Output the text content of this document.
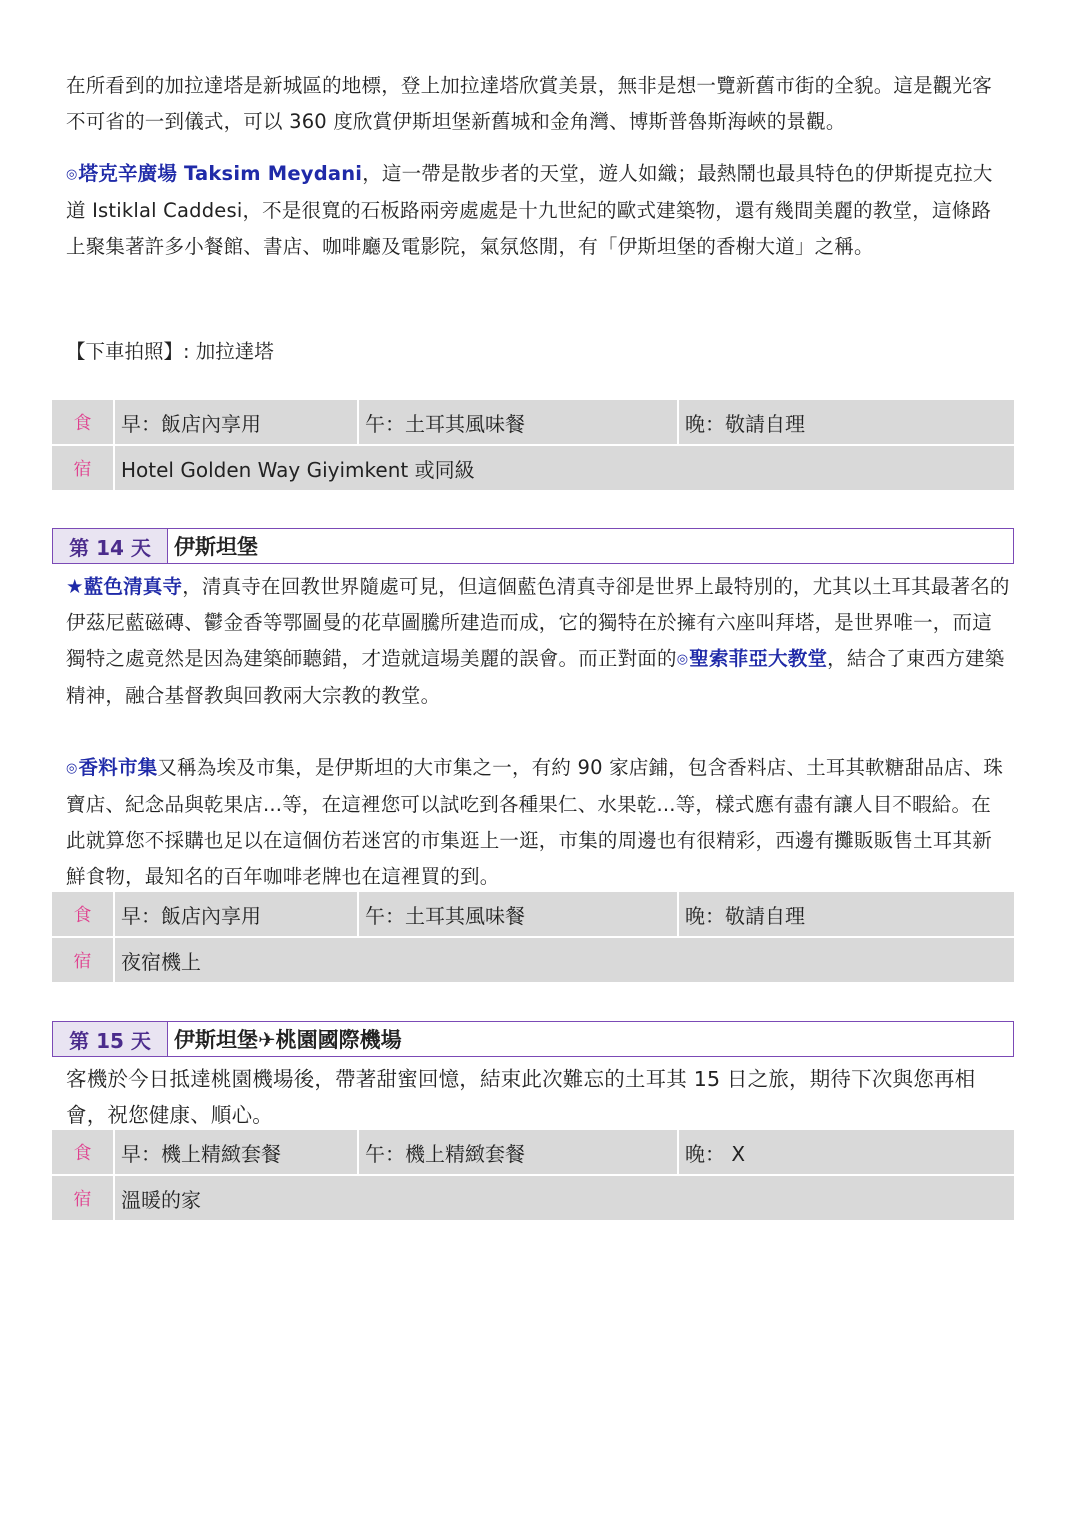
在所看到的加拉達塔是新城區的地標，登上加拉達塔欣賞美景，無非是想一覽新舊市街的全貌。這是觀光客不可省的一到儀式，可以 360 度欣賞伊斯坦堡新舊城和金角灣、博斯普魯斯海峽的景觀。

◎塔克辛廣場 Taksim Meydani，這一帶是散步者的天堂，遊人如織；最熱鬧也最具特色的伊斯提克拉大道 Istiklal Caddesi，不是很寬的石板路兩旁處處是十九世紀的歐式建築物，還有幾間美麗的教堂，這條路上聚集著許多小餐館、書店、咖啡廳及電影院，氣氛悠閒，有「伊斯坦堡的香榭大道」之稱。

【下車拍照】: 加拉達塔

食	早：飯店內享用	午：土耳其風味餐	晚：敬請自理
宿	Hotel Golden Way Giyimkent 或同級		
第 14 天	伊斯坦堡

★藍色清真寺，清真寺在回教世界隨處可見，但這個藍色清真寺卻是世界上最特別的，尤其以土耳其最著名的伊茲尼藍磁磚、鬱金香等鄂圖曼的花草圖騰所建造而成，它的獨特在於擁有六座叫拜塔，是世界唯一，而這獨特之處竟然是因為建築師聽錯，才造就這場美麗的誤會。而正對面的◎聖索菲亞大教堂，結合了東西方建築精神，融合基督教與回教兩大宗教的教堂。

◎香料市集又稱為埃及市集，是伊斯坦的大市集之一，有約 90 家店鋪，包含香料店、土耳其軟糖甜品店、珠寶店、紀念品與乾果店...等，在這裡您可以試吃到各種果仁、水果乾...等，樣式應有盡有讓人目不暇給。在此就算您不採購也足以在這個仿若迷宮的市集逛上一逛，市集的周邊也有很精彩，西邊有攤販販售土耳其新鮮食物，最知名的百年咖啡老牌也在這裡買的到。

食	早：飯店內享用	午：土耳其風味餐	晚：敬請自理
宿	夜宿機上		
第 15 天	伊斯坦堡✈桃園國際機場

客機於今日抵達桃園機場後，帶著甜蜜回憶，結束此次難忘的土耳其 15 日之旅，期待下次與您再相會，祝您健康、順心。

食	早：機上精緻套餐	午：機上精緻套餐	晚： X
宿	溫暖的家		
